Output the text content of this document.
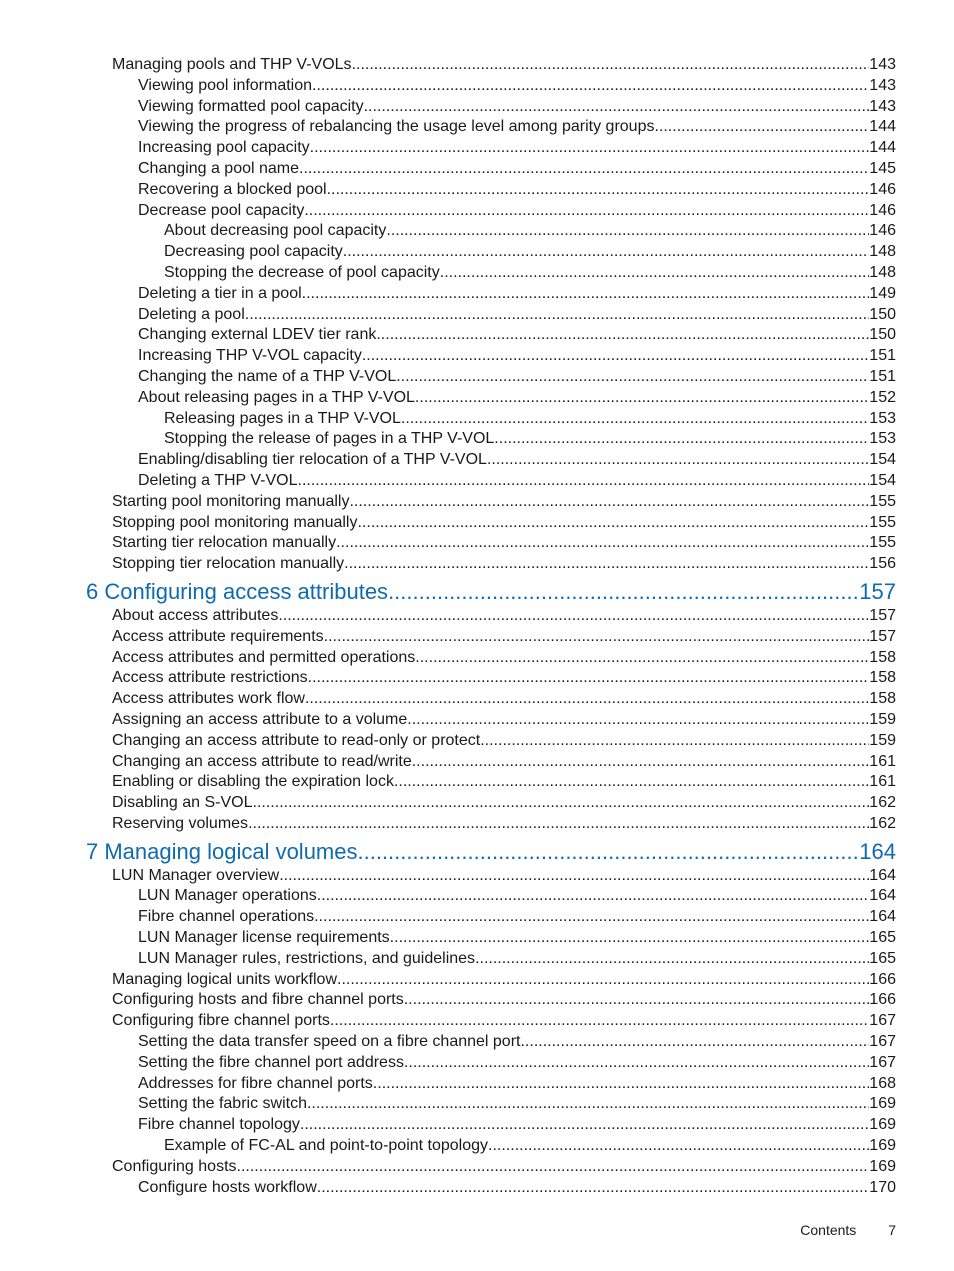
Managing pools and THP V-VOLs .....	143
Viewing pool information .....	143
Viewing formatted pool capacity .....	143
Viewing the progress of rebalancing the usage level among parity groups .....	144
Increasing pool capacity .....	144
Changing a pool name .....	145
Recovering a blocked pool .....	146
Decrease pool capacity .....	146
About decreasing pool capacity .....	146
Decreasing pool capacity .....	148
Stopping the decrease of pool capacity .....	148
Deleting a tier in a pool .....	149
Deleting a pool .....	150
Changing external LDEV tier rank .....	150
Increasing THP V-VOL capacity .....	151
Changing the name of a THP V-VOL .....	151
About releasing pages in a THP V-VOL .....	152
Releasing pages in a THP V-VOL .....	153
Stopping the release of pages in a THP V-VOL .....	153
Enabling/disabling tier relocation of a THP V-VOL .....	154
Deleting a THP V-VOL .....	154
Starting pool monitoring manually .....	155
Stopping pool monitoring manually .....	155
Starting tier relocation manually .....	155
Stopping tier relocation manually .....	156
6 Configuring access attributes .....	157
About access attributes .....	157
Access attribute requirements .....	157
Access attributes and permitted operations .....	158
Access attribute restrictions .....	158
Access attributes work flow .....	158
Assigning an access attribute to a volume .....	159
Changing an access attribute to read-only or protect .....	159
Changing an access attribute to read/write .....	161
Enabling or disabling the expiration lock .....	161
Disabling an S-VOL .....	162
Reserving volumes .....	162
7 Managing logical volumes .....	164
LUN Manager overview .....	164
LUN Manager operations .....	164
Fibre channel operations .....	164
LUN Manager license requirements .....	165
LUN Manager rules, restrictions, and guidelines .....	165
Managing logical units workflow .....	166
Configuring hosts and fibre channel ports .....	166
Configuring fibre channel ports .....	167
Setting the data transfer speed on a fibre channel port .....	167
Setting the fibre channel port address .....	167
Addresses for fibre channel ports .....	168
Setting the fabric switch .....	169
Fibre channel topology .....	169
Example of FC-AL and point-to-point topology .....	169
Configuring hosts .....	169
Configure hosts workflow .....	170
Contents 7
